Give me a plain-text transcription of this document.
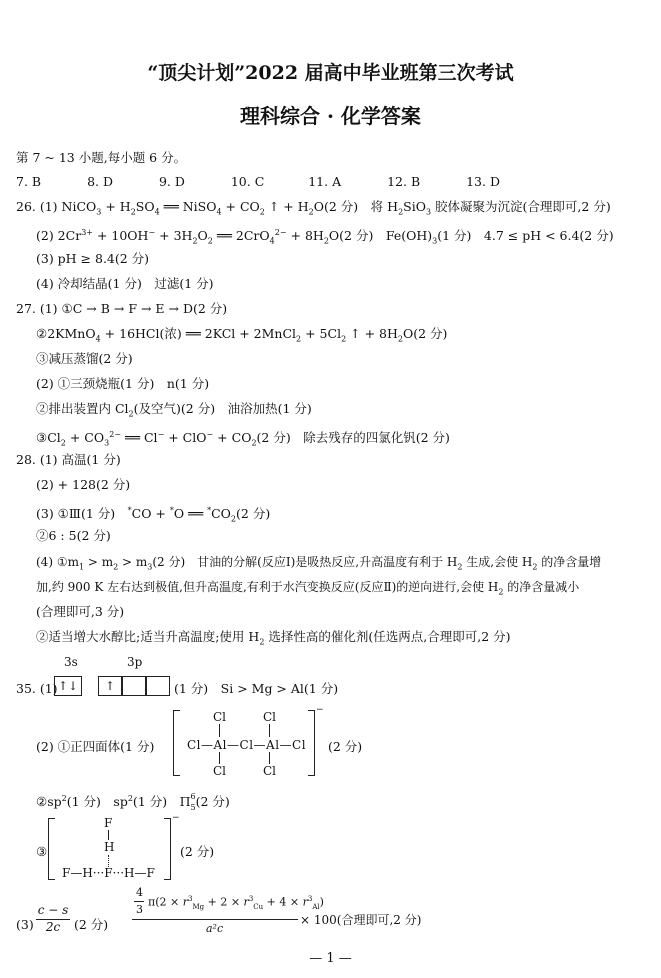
“顶尖计划”2022 届高中毕业班第三次考试
理科综合 · 化学答案
第 7 ~ 13 小题,每小题 6 分。
7. B	8. D	9. D	10. C	11. A	12. B	13. D
26. (1) NiCO$_3$ + $H_2SO_4$ ══ NiSO$_4$ + $CO_2$ ↑ + $H_2O(2$ 分)　将 $H_2SiO_3$ 胶体凝聚为沉淀(合理即可,2 分)
(2) $2Cr^{3+} + 10OH^- + 3H_2O_2$ ══ $2CrO_4^{2-} + 8H_2O(2$ 分)　$Fe(OH)_3(1$ 分)　4.7 ≤ pH < 6.4(2 分)
(3) pH ≥ 8.4(2 分)
(4) 冷却结晶(1 分)　过滤(1 分)
27. (1) ①C → B → F → E → D(2 分)
②2KMnO$_4$ + 16HCl(浓) ══ 2KCl + 2MnCl$_2$ + $5Cl_2$ ↑ + $8H_2O(2$ 分)
③减压蒸馏(2 分)
(2) ①三颈烧瓶(1 分)　n(1 分)
②排出装置内 $Cl_2$(及空气)(2 分)　油浴加热(1 分)
$③Cl_2 + CO_3^{2-}$ ══ $Cl^- + ClO^- + CO_2(2$ 分)　除去残存的四氯化钒(2 分)
28. (1) 高温(1 分)
(2) + 128(2 分)
(3) ①Ⅲ(1 分)　*CO + *O ══ $^*CO_2(2$ 分)
②6 : 5(2 分)
(4) $①m_1 > m_2 > m_3(2$ 分)　甘油的分解(反应Ⅰ)是吸热反应,升高温度有利于 $H_2$ 生成,会使 $H_2$ 的净含量增
加,约 900 K 左右达到极值,但升高温度,有利于水汽变换反应(反应Ⅱ)的逆向进行,会使 $H_2$ 的净含量减小
(合理即可,3 分)
②适当增大水醇比;适当升高温度;使用 $H_2$ 选择性高的催化剂(任选两点,合理即可,2 分)
3s	3p
35. (1) ↑↓	↑	(1 分)　Si > Mg > Al(1 分)
(2) ①正四面体(1 分)
−
Cl	Cl
Cl—Al—Cl—Al—Cl
Cl	Cl
(2 分)
$②sp^2(1$ 分)　$sp^2(1$ 分)　Π $_{6 5}$(2 分)
③
−
F
H
F—H···F···H—F
(2 分)
(3)
c − s
2c	(2 分)
4
3
$\pi(2 \times r^3_{Mg} + 2 \times r^3_{Cu} + 4 \times r^3_{Al})$
a²c
× 100(合理即可,2 分)
— 1 —
